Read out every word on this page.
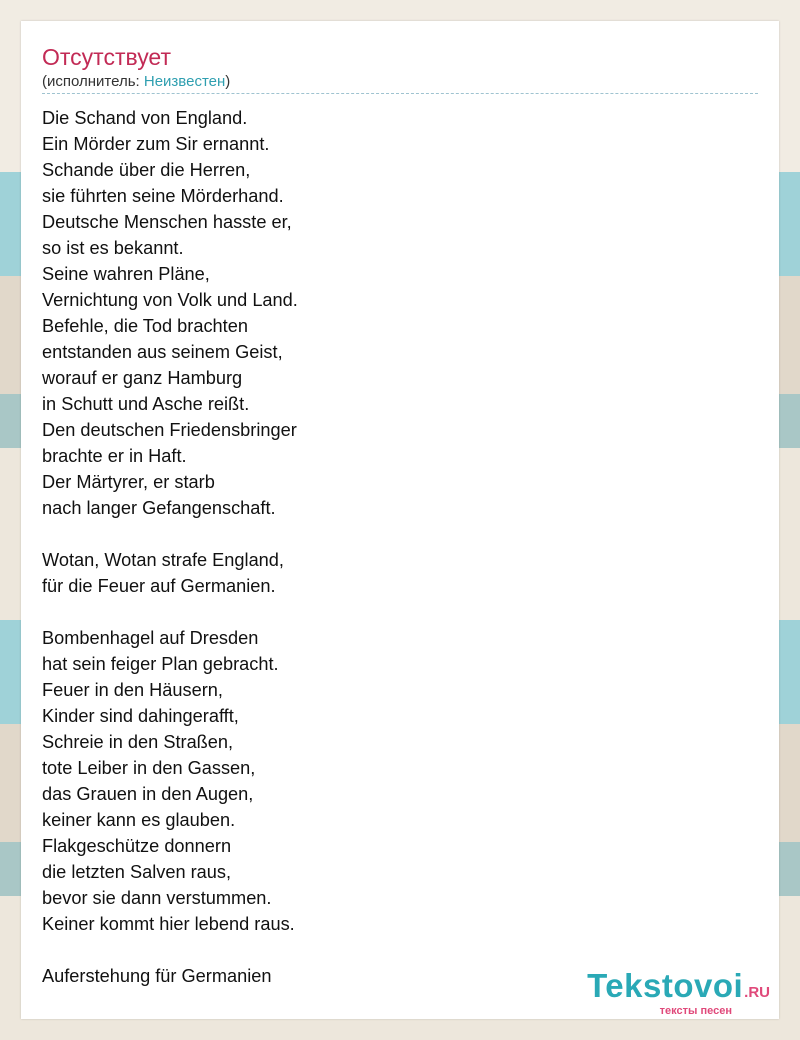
Отсутствует
(исполнитель: Неизвестен)
Die Schand von England.
Ein Mörder zum Sir ernannt.
Schande über die Herren,
sie führten seine Mörderhand.
Deutsche Menschen hasste er,
so ist es bekannt.
Seine wahren Pläne,
Vernichtung von Volk und Land.
Befehle, die Tod brachten
entstanden aus seinem Geist,
worauf er ganz Hamburg
in Schutt und Asche reißt.
Den deutschen Friedensbringer
brachte er in Haft.
Der Märtyrer, er starb
nach langer Gefangenschaft.
Wotan, Wotan strafe England,
für die Feuer auf Germanien.
Bombenhagel auf Dresden
hat sein feiger Plan gebracht.
Feuer in den Häusern,
Kinder sind dahingerafft,
Schreie in den Straßen,
tote Leiber in den Gassen,
das Grauen in den Augen,
keiner kann es glauben.
Flakgeschütze donnern
die letzten Salven raus,
bevor sie dann verstummen.
Keiner kommt hier lebend raus.
Auferstehung für Germanien	Tekstovoi.RU
тексты песен
